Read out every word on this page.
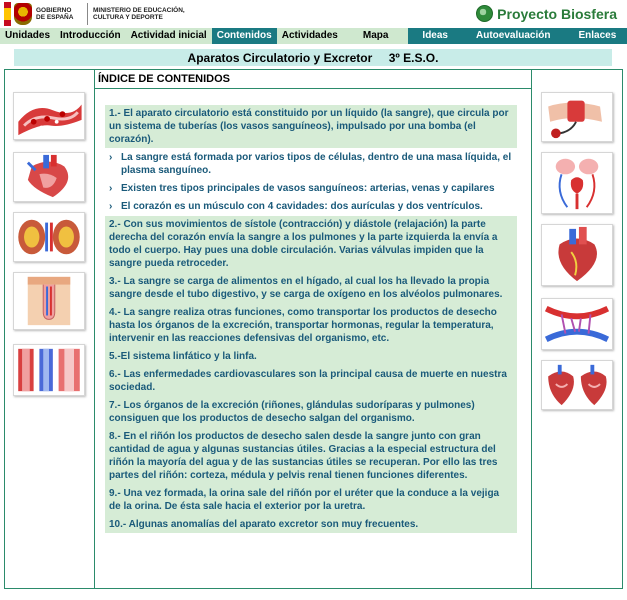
GOBIERNO DE ESPAÑA
MINISTERIO DE EDUCACIÓN, CULTURA Y DEPORTE	Proyecto Biosfera
Unidades	Introducción	Actividad inicial	Contenidos	Actividades	Mapa	Ideas	Autoevaluación	Enlaces
Aparatos Circulatorio y Excretor 3º E.S.O.
ÍNDICE DE CONTENIDOS
1.- El aparato circulatorio está constituido por un líquido (la sangre), que circula por un sistema de tuberías (los vasos sanguíneos), impulsado por una bomba (el corazón).
› La sangre está formada por varios tipos de células, dentro de una masa líquida, el plasma sanguíneo.
› Existen tres tipos principales de vasos sanguíneos: arterias, venas y capilares
› El corazón es un músculo con 4 cavidades: dos aurículas y dos ventrículos.
2.- Con sus movimientos de sístole (contracción) y diástole (relajación) la parte derecha del corazón envía la sangre a los pulmones y la parte izquierda la envía a todo el cuerpo. Hay pues una doble circulación. Varias válvulas impiden que la sangre pueda retroceder.
3.- La sangre se carga de alimentos en el hígado, al cual los ha llevado la propia sangre desde el tubo digestivo, y se carga de oxígeno en los alvéolos pulmonares.
4.- La sangre realiza otras funciones, como transportar los productos de desecho hasta los órganos de la excreción, transportar hormonas, regular la temperatura, intervenir en las reacciones defensivas del organismo, etc.
5.-El sistema linfático y la linfa.
6.- Las enfermedades cardiovasculares son la principal causa de muerte en nuestra sociedad.
7.- Los órganos de la excreción (riñones, glándulas sudoríparas y pulmones) consiguen que los productos de desecho salgan del organismo.
8.- En el riñón los productos de desecho salen desde la sangre junto con gran cantidad de agua y algunas sustancias útiles. Gracias a la especial estructura del riñón la mayoría del agua y de las sustancias útiles se recuperan. Por ello las tres partes del riñón: corteza, médula y pelvis renal tienen funciones diferentes.
9.- Una vez formada, la orina sale del riñón por el uréter que la conduce a la vejiga de la orina. De ésta sale hacia el exterior por la uretra.
10.- Algunas anomalías del aparato excretor son muy frecuentes.
